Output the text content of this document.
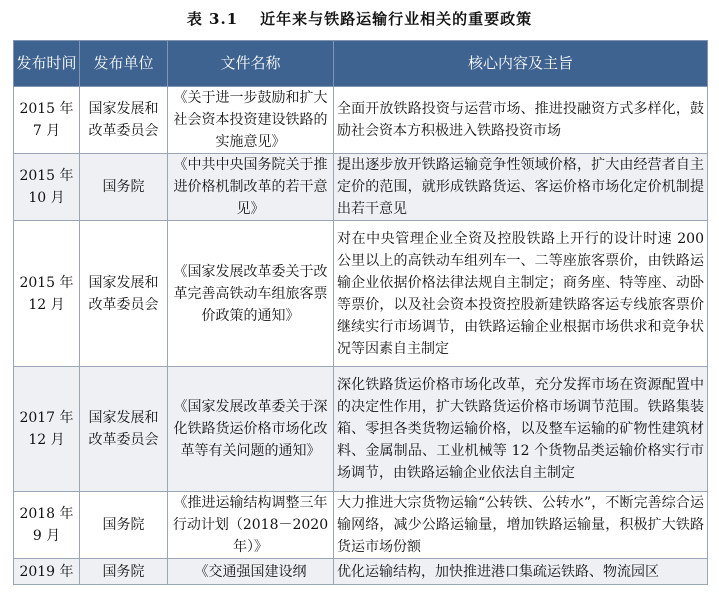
表 3.1 近年来与铁路运输行业相关的重要政策
发布时间	发布单位	文件名称	核心内容及主旨
2015 年 7 月	国家发展和改革委员会	《关于进一步鼓励和扩大社会资本投资建设铁路的实施意见》	全面开放铁路投资与运营市场、推进投融资方式多样化，鼓励社会资本方积极进入铁路投资市场
2015 年 10 月	国务院	《中共中央国务院关于推进价格机制改革的若干意见》	提出逐步放开铁路运输竞争性领域价格，扩大由经营者自主定价的范围，就形成铁路货运、客运价格市场化定价机制提出若干意见
2015 年 12 月	国家发展和改革委员会	《国家发展改革委关于改革完善高铁动车组旅客票价政策的通知》	对在中央管理企业全资及控股铁路上开行的设计时速 200 公里以上的高铁动车组列车一、二等座旅客票价，由铁路运输企业依据价格法律法规自主制定；商务座、特等座、动卧等票价，以及社会资本投资控股新建铁路客运专线旅客票价继续实行市场调节，由铁路运输企业根据市场供求和竞争状况等因素自主制定
2017 年 12 月	国家发展和改革委员会	《国家发展改革委关于深化铁路货运价格市场化改革等有关问题的通知》	深化铁路货运价格市场化改革，充分发挥市场在资源配置中的决定性作用，扩大铁路货运价格市场调节范围。铁路集装箱、零担各类货物运输价格，以及整车运输的矿物性建筑材料、金属制品、工业机械等 12 个货物品类运输价格实行市场调节，由铁路运输企业依法自主制定
2018 年 9 月	国务院	《推进运输结构调整三年行动计划（2018－2020 年）》	大力推进大宗货物运输“公转铁、公转水”，不断完善综合运输网络，减少公路运输量，增加铁路运输量，积极扩大铁路货运市场份额
2019 年	国务院	《交通强国建设纲	优化运输结构，加快推进港口集疏运铁路、物流园区
